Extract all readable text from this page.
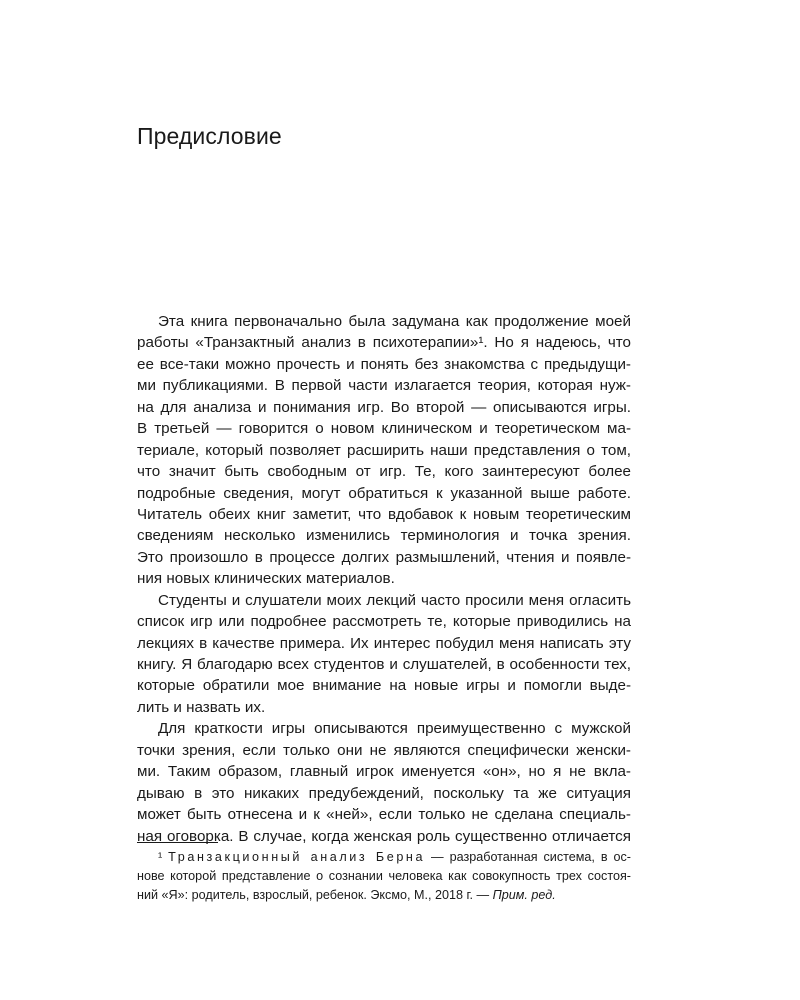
Предисловие
Эта книга первоначально была задумана как продолжение моей
работы «Транзактный анализ в психотерапии»¹. Но я надеюсь, что
ее все-таки можно прочесть и понять без знакомства с предыдущи-
ми публикациями. В первой части излагается теория, которая нуж-
на для анализа и понимания игр. Во второй — описываются игры.
В третьей — говорится о новом клиническом и теоретическом ма-
териале, который позволяет расширить наши представления о том,
что значит быть свободным от игр. Те, кого заинтересуют более
подробные сведения, могут обратиться к указанной выше работе.
Читатель обеих книг заметит, что вдобавок к новым теоретическим
сведениям несколько изменились терминология и точка зрения.
Это произошло в процессе долгих размышлений, чтения и появле-
ния новых клинических материалов.
Студенты и слушатели моих лекций часто просили меня огласить
список игр или подробнее рассмотреть те, которые приводились на
лекциях в качестве примера. Их интерес побудил меня написать эту
книгу. Я благодарю всех студентов и слушателей, в особенности тех,
которые обратили мое внимание на новые игры и помогли выде-
лить и назвать их.
Для краткости игры описываются преимущественно с мужской
точки зрения, если только они не являются специфически женски-
ми. Таким образом, главный игрок именуется «он», но я не вкла-
дываю в это никаких предубеждений, поскольку та же ситуация
может быть отнесена и к «ней», если только не сделана специаль-
ная оговорка. В случае, когда женская роль существенно отличается
¹ Транзакционный анализ Берна — разработанная система, в ос-
нове которой представление о сознании человека как совокупность трех состоя-
ний «Я»: родитель, взрослый, ребенок. Эксмо, М., 2018 г. — Прим. ред.
